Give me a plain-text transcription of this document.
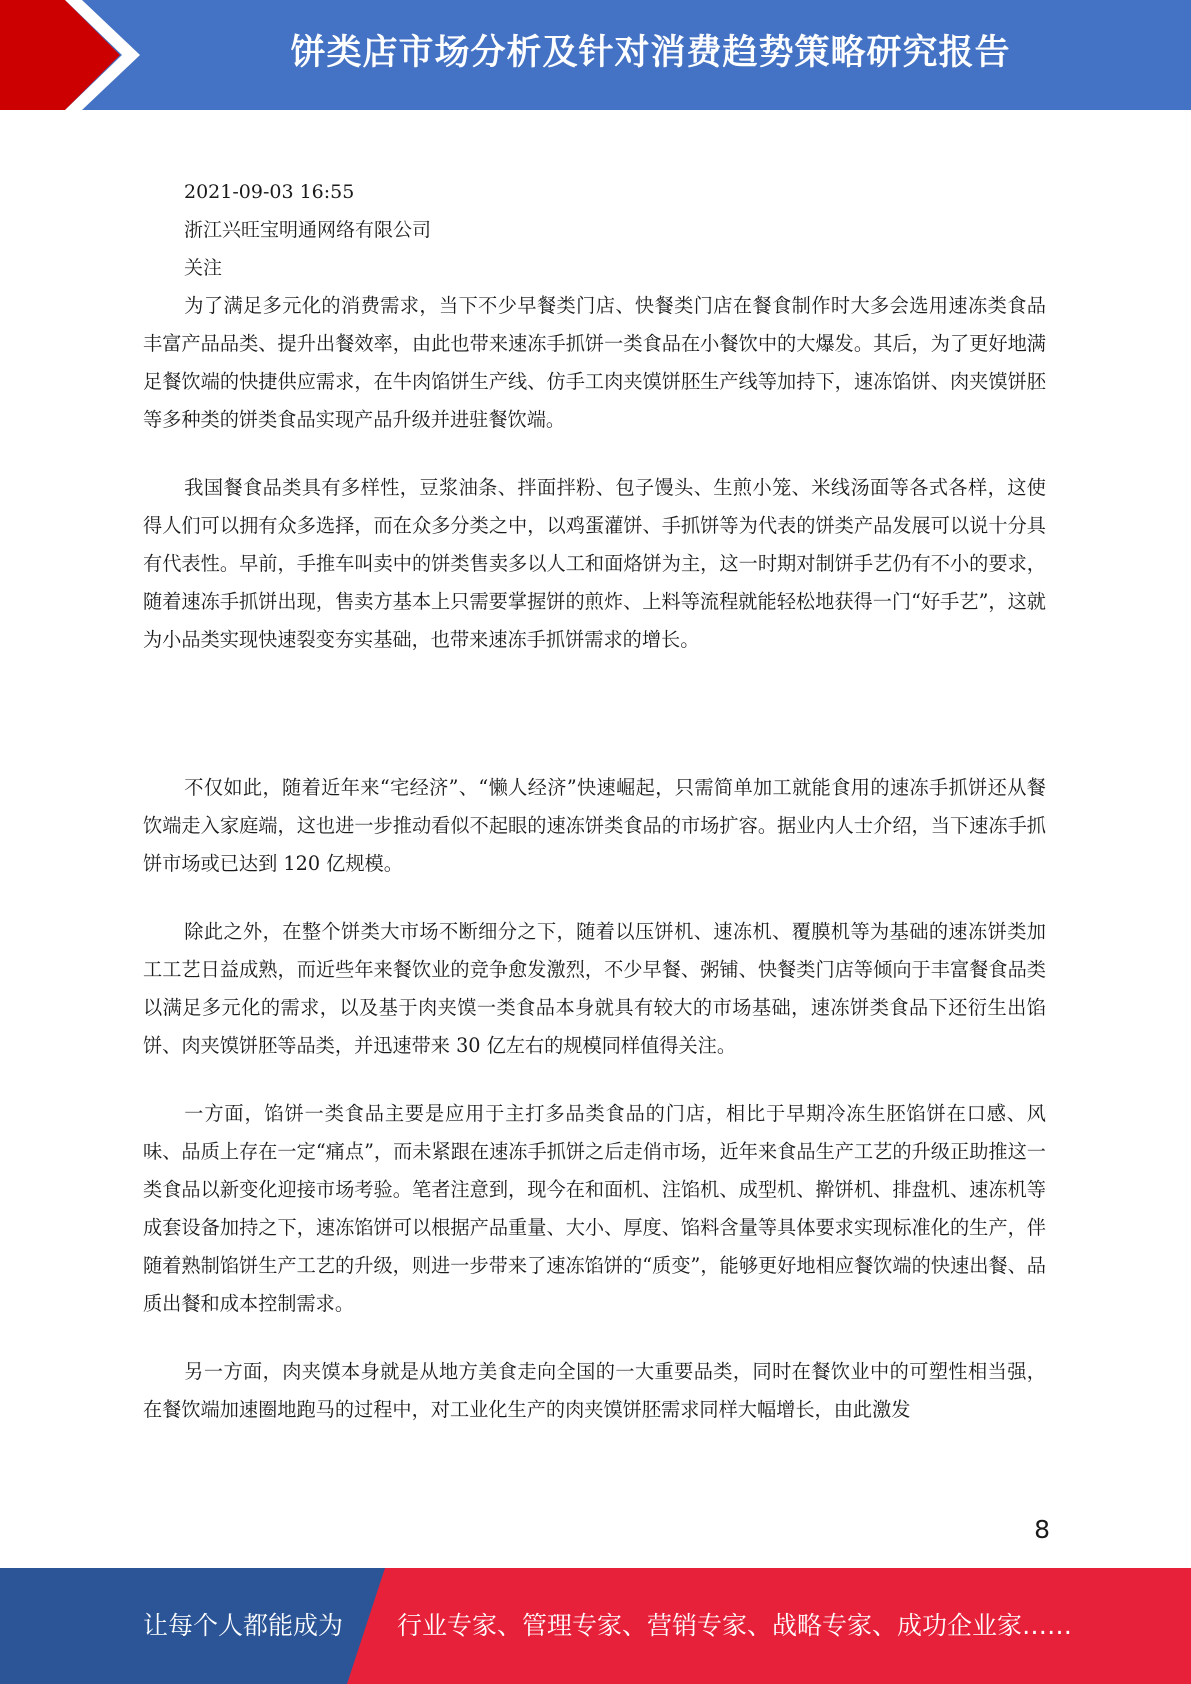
饼类店市场分析及针对消费趋势策略研究报告
2021-09-03 16:55
浙江兴旺宝明通网络有限公司
关注

为了满足多元化的消费需求，当下不少早餐类门店、快餐类门店在餐食制作时大多会选用速冻类食品丰富产品品类、提升出餐效率，由此也带来速冻手抓饼一类食品在小餐饮中的大爆发。其后，为了更好地满足餐饮端的快捷供应需求，在牛肉馅饼生产线、仿手工肉夹馍饼胚生产线等加持下，速冻馅饼、肉夹馍饼胚等多种类的饼类食品实现产品升级并进驻餐饮端。

我国餐食品类具有多样性，豆浆油条、拌面拌粉、包子馒头、生煎小笼、米线汤面等各式各样，这使得人们可以拥有众多选择，而在众多分类之中，以鸡蛋灌饼、手抓饼等为代表的饼类产品发展可以说十分具有代表性。早前，手推车叫卖中的饼类售卖多以人工和面烙饼为主，这一时期对制饼手艺仍有不小的要求，随着速冻手抓饼出现，售卖方基本上只需要掌握饼的煎炸、上料等流程就能轻松地获得一门“好手艺”，这就为小品类实现快速裂变夯实基础，也带来速冻手抓饼需求的增长。

不仅如此，随着近年来“宅经济”、“懒人经济”快速崛起，只需简单加工就能食用的速冻手抓饼还从餐饮端走入家庭端，这也进一步推动看似不起眼的速冻饼类食品的市场扩容。据业内人士介绍，当下速冻手抓饼市场或已达到 120 亿规模。

除此之外，在整个饼类大市场不断细分之下，随着以压饼机、速冻机、覆膜机等为基础的速冻饼类加工工艺日益成熟，而近些年来餐饮业的竞争愈发激烈，不少早餐、粥铺、快餐类门店等倾向于丰富餐食品类以满足多元化的需求，以及基于肉夹馍一类食品本身就具有较大的市场基础，速冻饼类食品下还衍生出馅饼、肉夹馍饼胚等品类，并迅速带来 30 亿左右的规模同样值得关注。

一方面，馅饼一类食品主要是应用于主打多品类食品的门店，相比于早期冷冻生胚馅饼在口感、风味、品质上存在一定“痛点”，而未紧跟在速冻手抓饼之后走俏市场，近年来食品生产工艺的升级正助推这一类食品以新变化迎接市场考验。笔者注意到，现今在和面机、注馅机、成型机、擀饼机、排盘机、速冻机等成套设备加持之下，速冻馅饼可以根据产品重量、大小、厚度、馅料含量等具体要求实现标准化的生产，伴随着熟制馅饼生产工艺的升级，则进一步带来了速冻馅饼的“质变”，能够更好地相应餐饮端的快速出餐、品质出餐和成本控制需求。

另一方面，肉夹馍本身就是从地方美食走向全国的一大重要品类，同时在餐饮业中的可塑性相当强，在餐饮端加速圈地跑马的过程中，对工业化生产的肉夹馍饼胚需求同样大幅增长，由此激发

8
让每个人都能成为 行业专家、管理专家、营销专家、战略专家、成功企业家……
